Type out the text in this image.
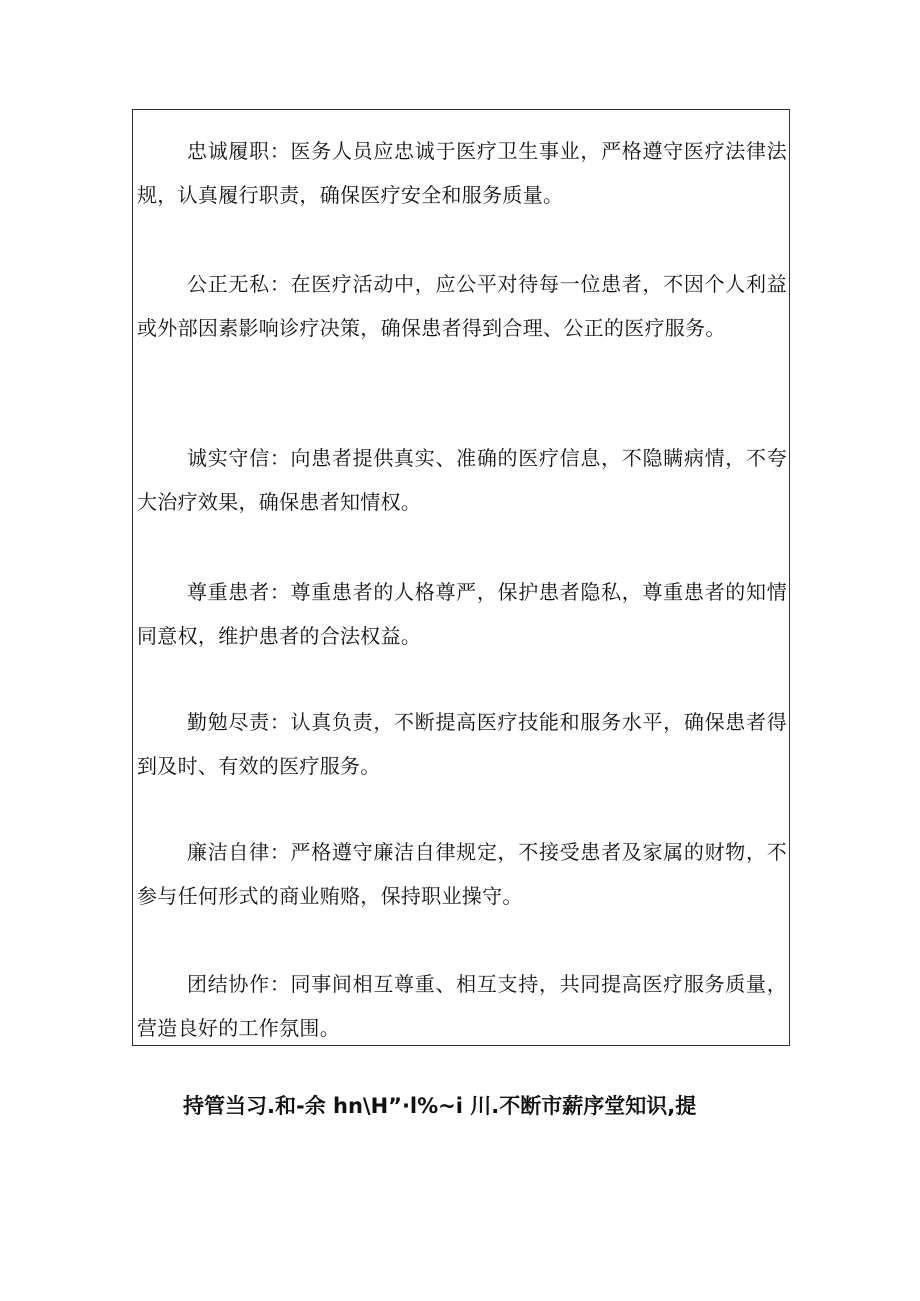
忠诚履职：医务人员应忠诚于医疗卫生事业，严格遵守医疗法律法规，认真履行职责，确保医疗安全和服务质量。

公正无私：在医疗活动中，应公平对待每一位患者，不因个人利益或外部因素影响诊疗决策，确保患者得到合理、公正的医疗服务。

诚实守信：向患者提供真实、准确的医疗信息，不隐瞒病情，不夸大治疗效果，确保患者知情权。

尊重患者：尊重患者的人格尊严，保护患者隐私，尊重患者的知情同意权，维护患者的合法权益。

勤勉尽责：认真负责，不断提高医疗技能和服务水平，确保患者得到及时、有效的医疗服务。

廉洁自律：严格遵守廉洁自律规定，不接受患者及家属的财物，不参与任何形式的商业贿赂，保持职业操守。

团结协作：同事间相互尊重、相互支持，共同提高医疗服务质量，营造良好的工作氛围。

持管当习.和-余 hn\H”·l%~i 川.不断市薪序堂知识,提
